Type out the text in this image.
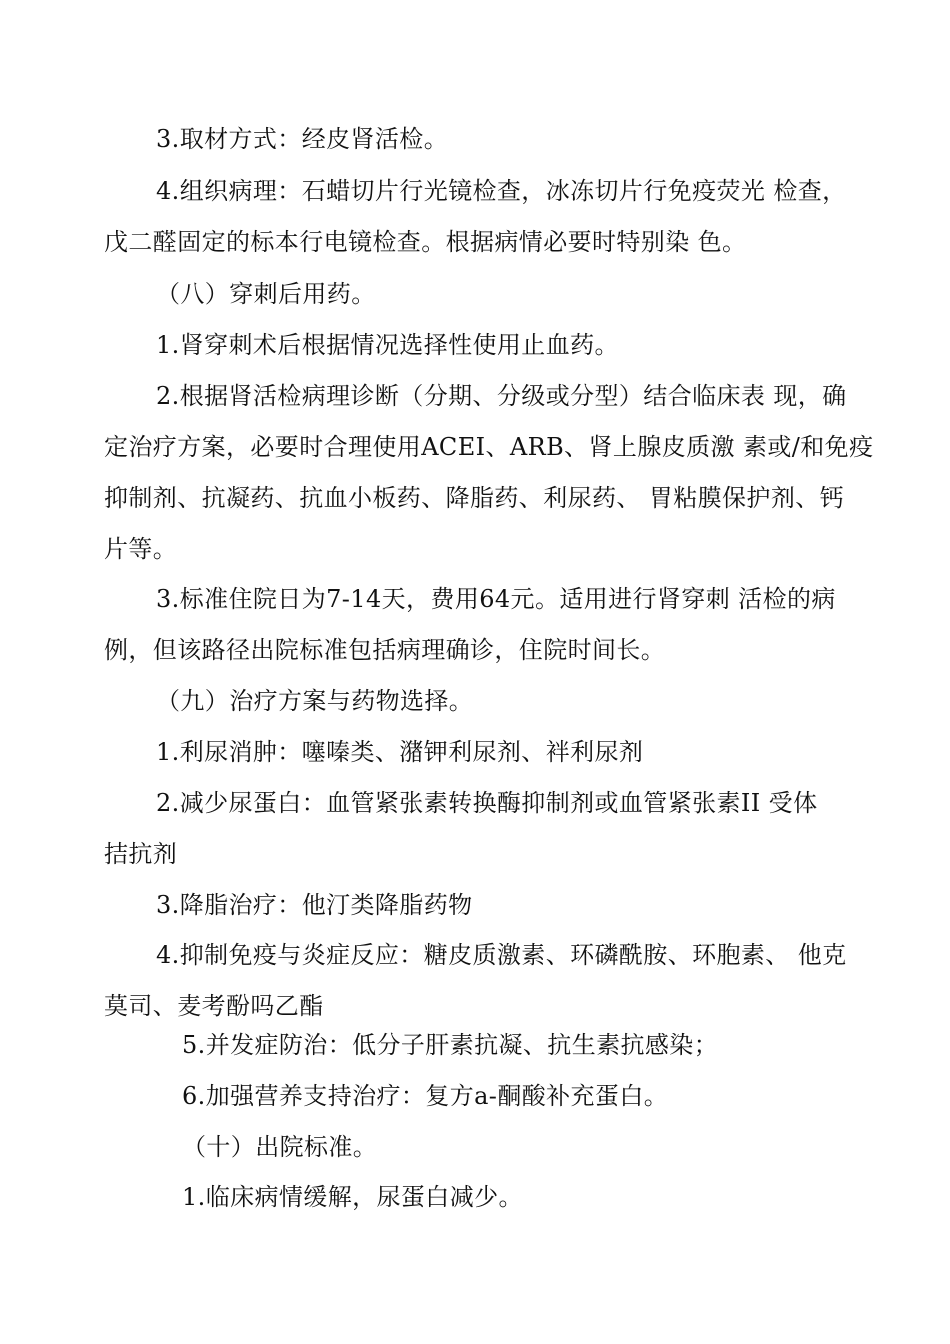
3.取材方式：经皮肾活检。
4.组织病理：石蜡切片行光镜检查，冰冻切片行免疫荧光 检查，
戊二醛固定的标本行电镜检查。根据病情必要时特别染 色。
（八）穿刺后用药。
1.肾穿刺术后根据情况选择性使用止血药。
2.根据肾活检病理诊断（分期、分级或分型）结合临床表 现，确
定治疗方案，必要时合理使用ACEI、ARB、肾上腺皮质激 素或/和免疫
抑制剂、抗凝药、抗血小板药、降脂药、利尿药、 胃粘膜保护剂、钙
片等。
3.标准住院日为7-14天，费用64元。适用进行肾穿刺 活检的病
例，但该路径出院标准包括病理确诊，住院时间长。
（九）治疗方案与药物选择。
1.利尿消肿：噻嗪类、潴钾利尿剂、袢利尿剂
2.减少尿蛋白：血管紧张素转换酶抑制剂或血管紧张素II 受体
拮抗剂
3.降脂治疗：他汀类降脂药物
4.抑制免疫与炎症反应：糖皮质激素、环磷酰胺、环胞素、 他克
莫司、麦考酚吗乙酯
5.并发症防治：低分子肝素抗凝、抗生素抗感染；
6.加强营养支持治疗：复方a-酮酸补充蛋白。
（十）出院标准。
1.临床病情缓解，尿蛋白减少。
